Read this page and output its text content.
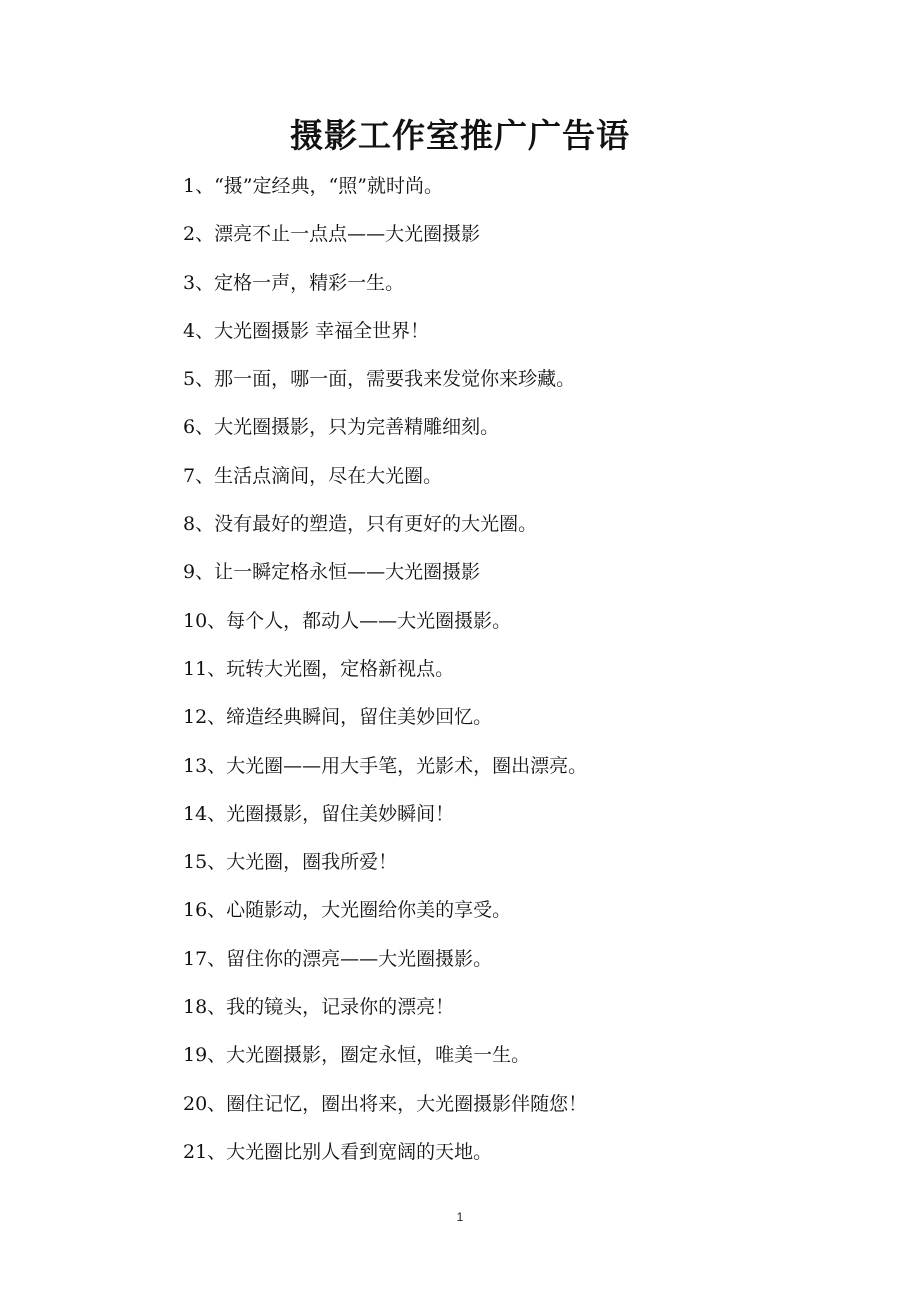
摄影工作室推广广告语
1、“摄”定经典，“照”就时尚。
2、漂亮不止一点点——大光圈摄影
3、定格一声，精彩一生。
4、大光圈摄影 幸福全世界！
5、那一面，哪一面，需要我来发觉你来珍藏。
6、大光圈摄影，只为完善精雕细刻。
7、生活点滴间，尽在大光圈。
8、没有最好的塑造，只有更好的大光圈。
9、让一瞬定格永恒——大光圈摄影
10、每个人，都动人——大光圈摄影。
11、玩转大光圈，定格新视点。
12、缔造经典瞬间，留住美妙回忆。
13、大光圈——用大手笔，光影术，圈出漂亮。
14、光圈摄影，留住美妙瞬间！
15、大光圈，圈我所爱！
16、心随影动，大光圈给你美的享受。
17、留住你的漂亮——大光圈摄影。
18、我的镜头，记录你的漂亮！
19、大光圈摄影，圈定永恒，唯美一生。
20、圈住记忆，圈出将来，大光圈摄影伴随您！
21、大光圈比别人看到宽阔的天地。
1
